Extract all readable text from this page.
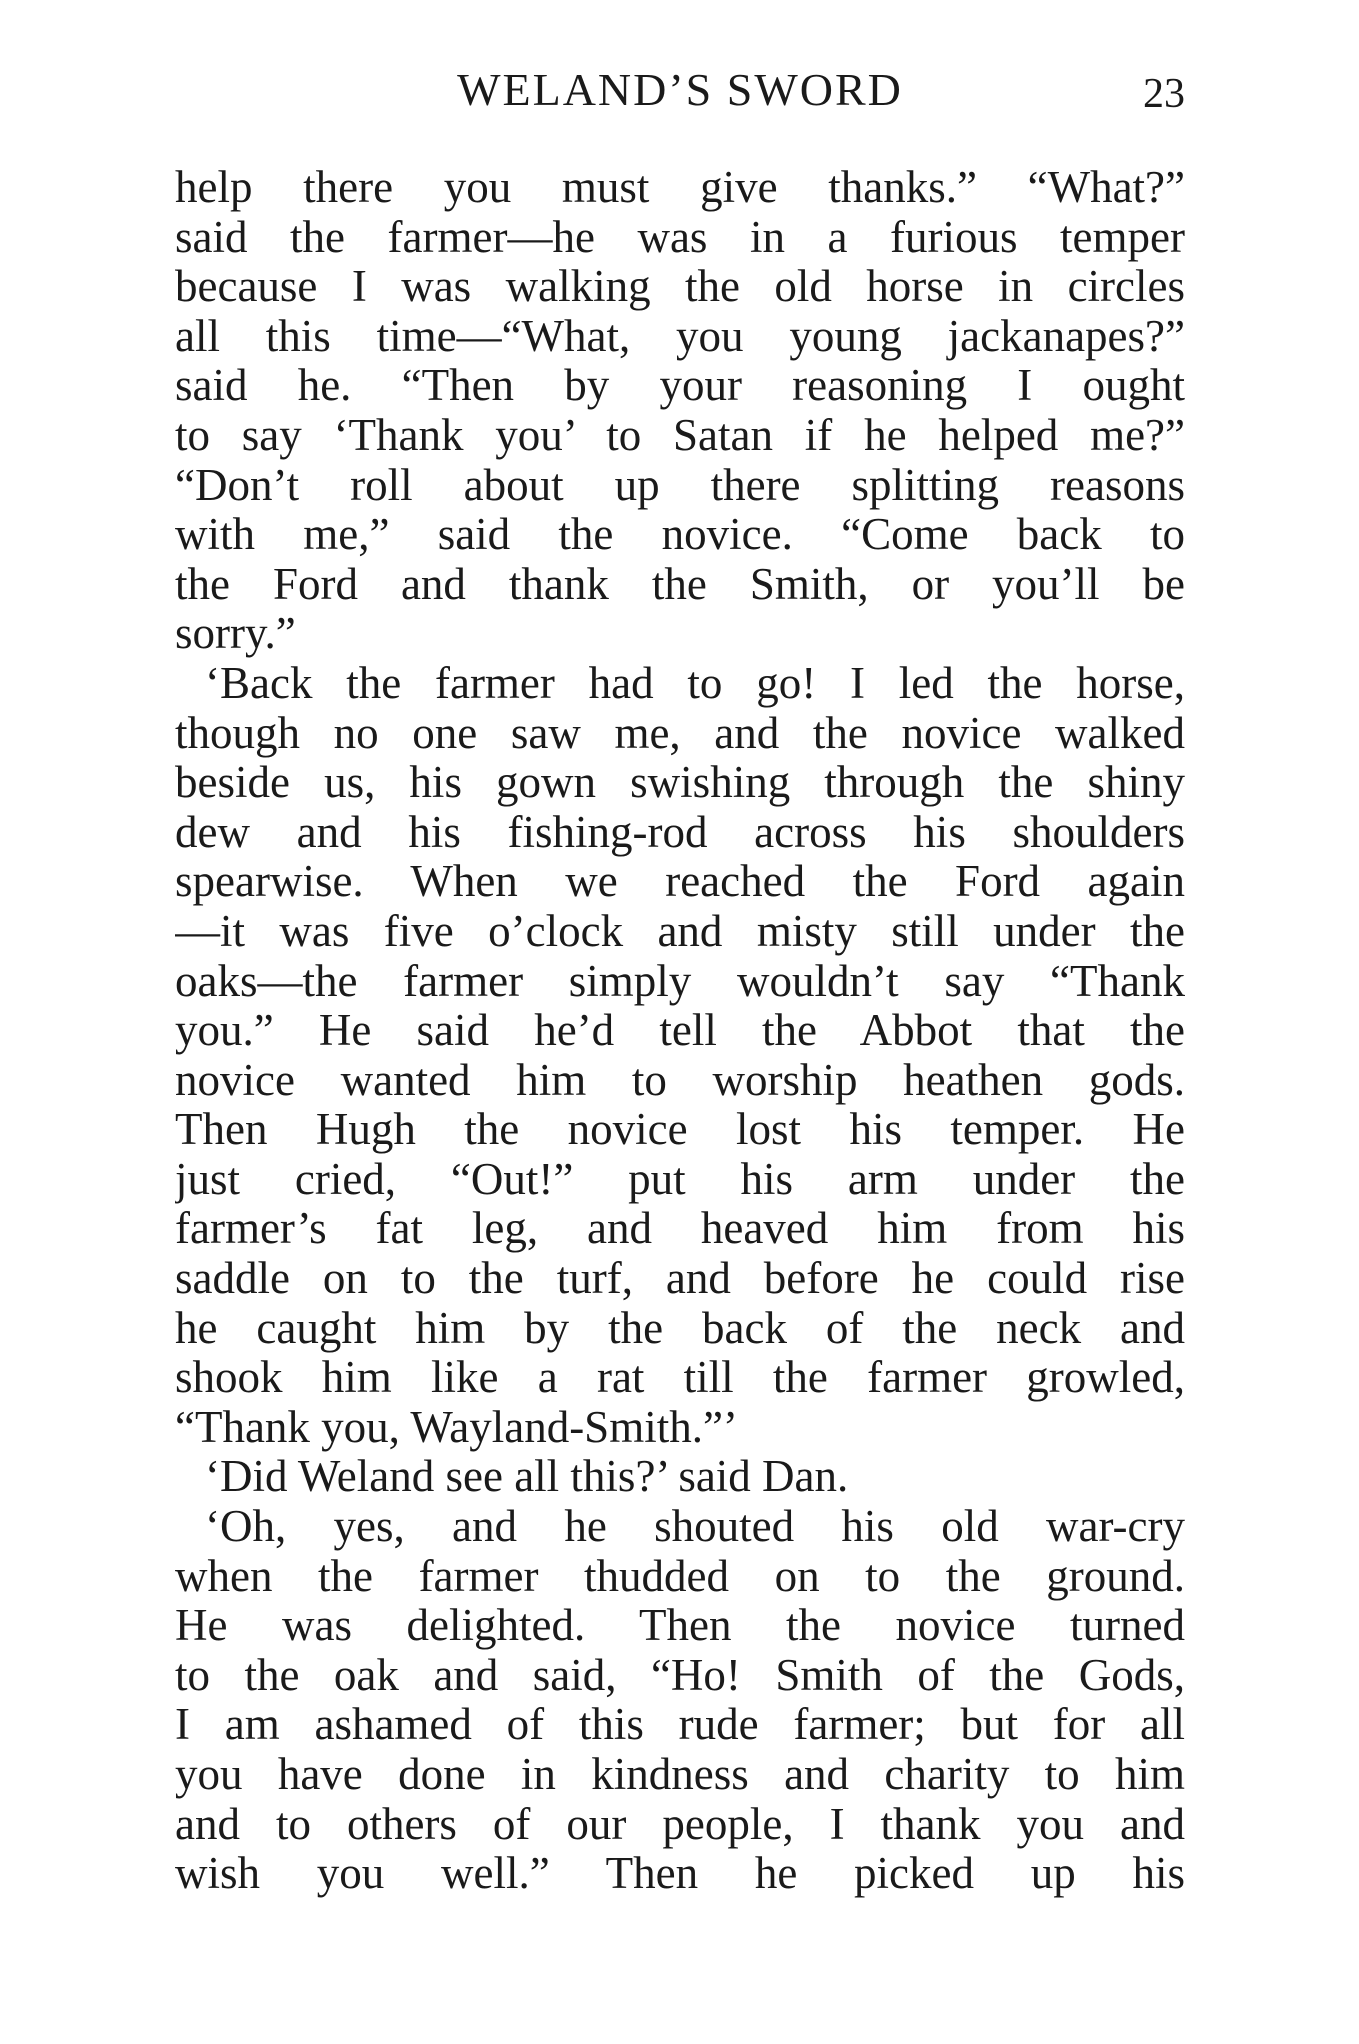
WELAND’S SWORD	23
help there you must give thanks.” “What?”
said the farmer—he was in a furious temper
because I was walking the old horse in circles
all this time—“What, you young jackanapes?”
said he. “Then by your reasoning I ought
to say ‘Thank you’ to Satan if he helped me?”
“Don’t roll about up there splitting reasons
with me,” said the novice. “Come back to
the Ford and thank the Smith, or you’ll be
sorry.”
‘Back the farmer had to go! I led the horse,
though no one saw me, and the novice walked
beside us, his gown swishing through the shiny
dew and his fishing-rod across his shoulders
spearwise. When we reached the Ford again
—it was five o’clock and misty still under the
oaks—the farmer simply wouldn’t say “Thank
you.” He said he’d tell the Abbot that the
novice wanted him to worship heathen gods.
Then Hugh the novice lost his temper. He
just cried, “Out!” put his arm under the
farmer’s fat leg, and heaved him from his
saddle on to the turf, and before he could rise
he caught him by the back of the neck and
shook him like a rat till the farmer growled,
“Thank you, Wayland-Smith.”’
‘Did Weland see all this?’ said Dan.
‘Oh, yes, and he shouted his old war-cry
when the farmer thudded on to the ground.
He was delighted. Then the novice turned
to the oak and said, “Ho! Smith of the Gods,
I am ashamed of this rude farmer; but for all
you have done in kindness and charity to him
and to others of our people, I thank you and
wish you well.” Then he picked up his
